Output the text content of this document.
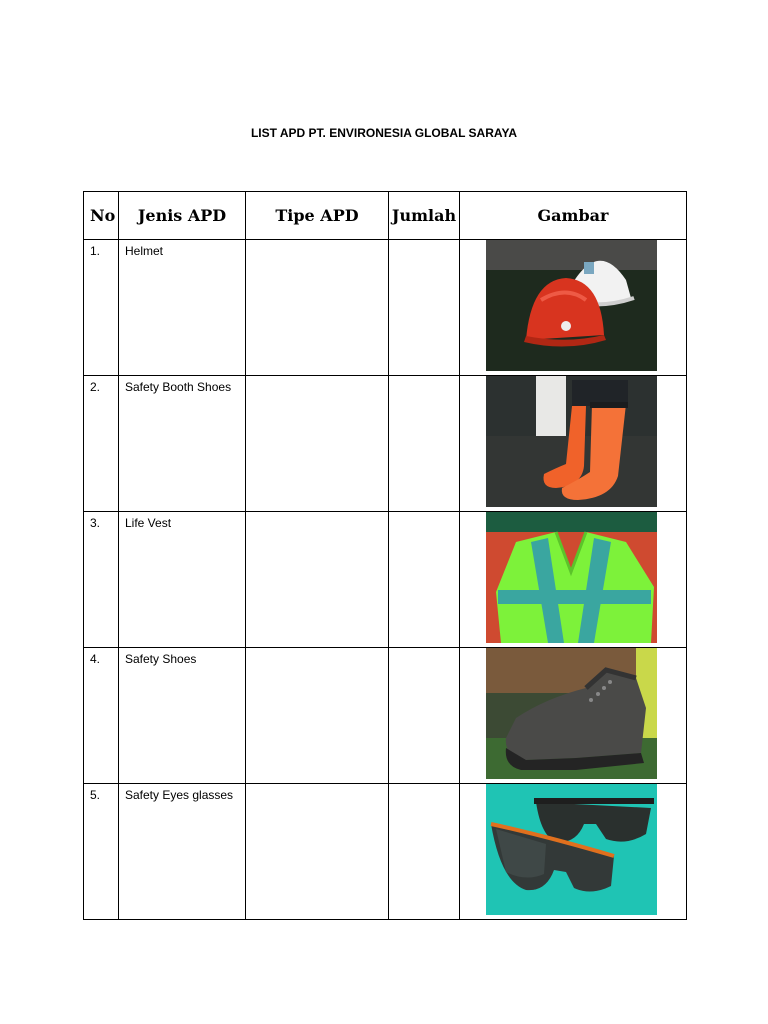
LIST APD PT. ENVIRONESIA GLOBAL SARAYA
No	Jenis APD	Tipe APD	Jumlah	Gambar
1.	Helmet			

2.	Safety Booth Shoes			

3.	Life Vest			

4.	Safety Shoes			

5.	Safety Eyes glasses			
